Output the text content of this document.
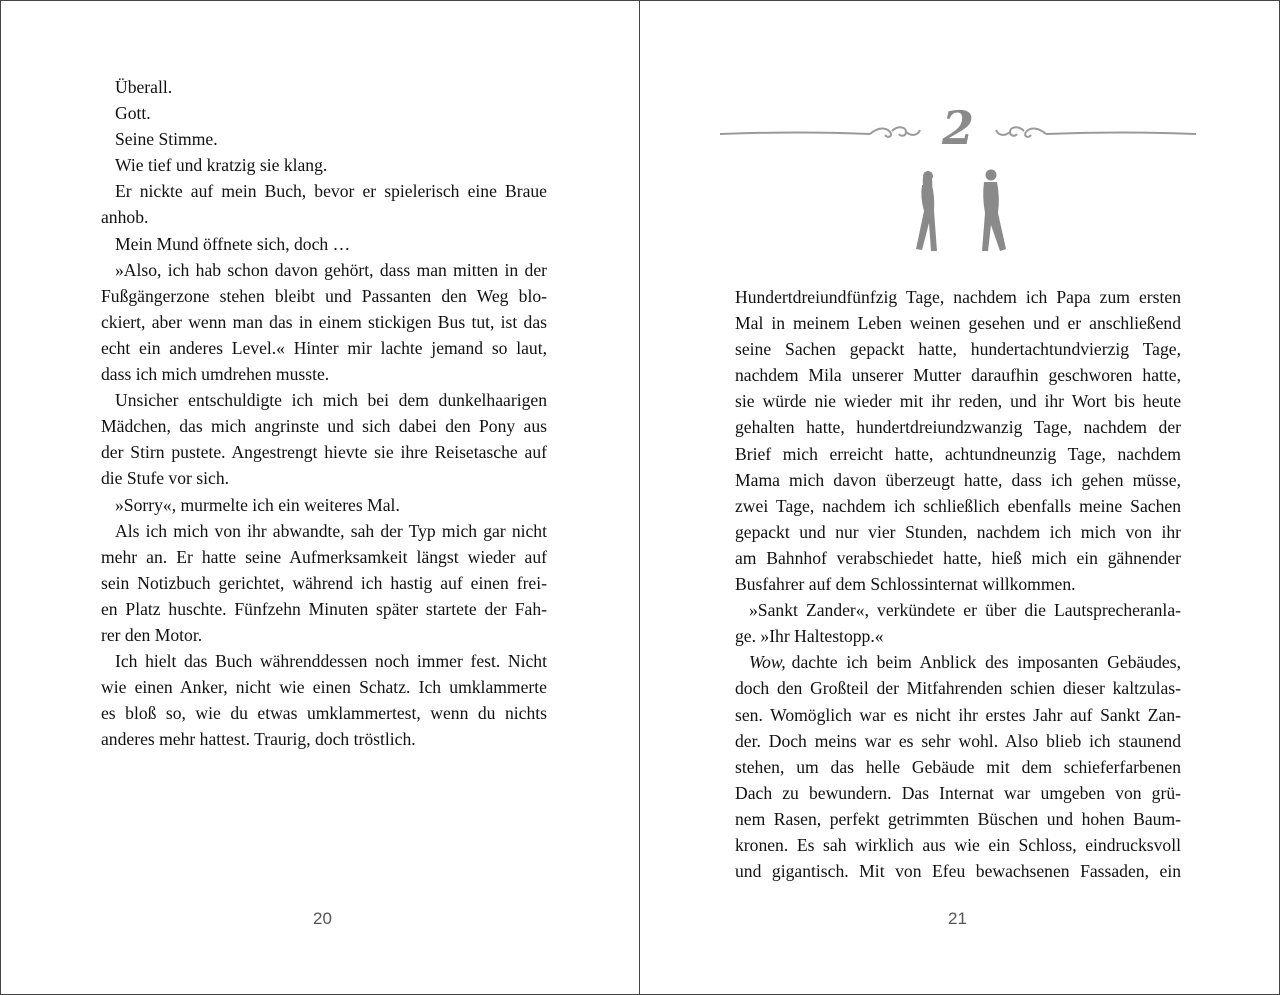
Überall.
Gott.
Seine Stimme.
Wie tief und kratzig sie klang.
Er nickte auf mein Buch, bevor er spielerisch eine Braue
anhob.
Mein Mund öffnete sich, doch …
»Also, ich hab schon davon gehört, dass man mitten in der
Fußgängerzone stehen bleibt und Passanten den Weg blo-
ckiert, aber wenn man das in einem stickigen Bus tut, ist das
echt ein anderes Level.« Hinter mir lachte jemand so laut,
dass ich mich umdrehen musste.
Unsicher entschuldigte ich mich bei dem dunkelhaarigen
Mädchen, das mich angrinste und sich dabei den Pony aus
der Stirn pustete. Angestrengt hievte sie ihre Reisetasche auf
die Stufe vor sich.
»Sorry«, murmelte ich ein weiteres Mal.
Als ich mich von ihr abwandte, sah der Typ mich gar nicht
mehr an. Er hatte seine Aufmerksamkeit längst wieder auf
sein Notizbuch gerichtet, während ich hastig auf einen frei-
en Platz huschte. Fünfzehn Minuten später startete der Fah-
rer den Motor.
Ich hielt das Buch währenddessen noch immer fest. Nicht
wie einen Anker, nicht wie einen Schatz. Ich umklammerte
es bloß so, wie du etwas umklammertest, wenn du nichts
anderes mehr hattest. Traurig, doch tröstlich.
20
2
Hundertdreiundfünfzig Tage, nachdem ich Papa zum ersten
Mal in meinem Leben weinen gesehen und er anschließend
seine Sachen gepackt hatte, hundertachtundvierzig Tage,
nachdem Mila unserer Mutter daraufhin geschworen hatte,
sie würde nie wieder mit ihr reden, und ihr Wort bis heute
gehalten hatte, hundertdreiundzwanzig Tage, nachdem der
Brief mich erreicht hatte, achtundneunzig Tage, nachdem
Mama mich davon überzeugt hatte, dass ich gehen müsse,
zwei Tage, nachdem ich schließlich ebenfalls meine Sachen
gepackt und nur vier Stunden, nachdem ich mich von ihr
am Bahnhof verabschiedet hatte, hieß mich ein gähnender
Busfahrer auf dem Schlossinternat willkommen.
»Sankt Zander«, verkündete er über die Lautsprecheranla-
ge. »Ihr Haltestopp.«
Wow, dachte ich beim Anblick des imposanten Gebäudes,
doch den Großteil der Mitfahrenden schien dieser kaltzulas-
sen. Womöglich war es nicht ihr erstes Jahr auf Sankt Zan-
der. Doch meins war es sehr wohl. Also blieb ich staunend
stehen, um das helle Gebäude mit dem schieferfarbenen
Dach zu bewundern. Das Internat war umgeben von grü-
nem Rasen, perfekt getrimmten Büschen und hohen Baum-
kronen. Es sah wirklich aus wie ein Schloss, eindrucksvoll
und gigantisch. Mit von Efeu bewachsenen Fassaden, ein
21
